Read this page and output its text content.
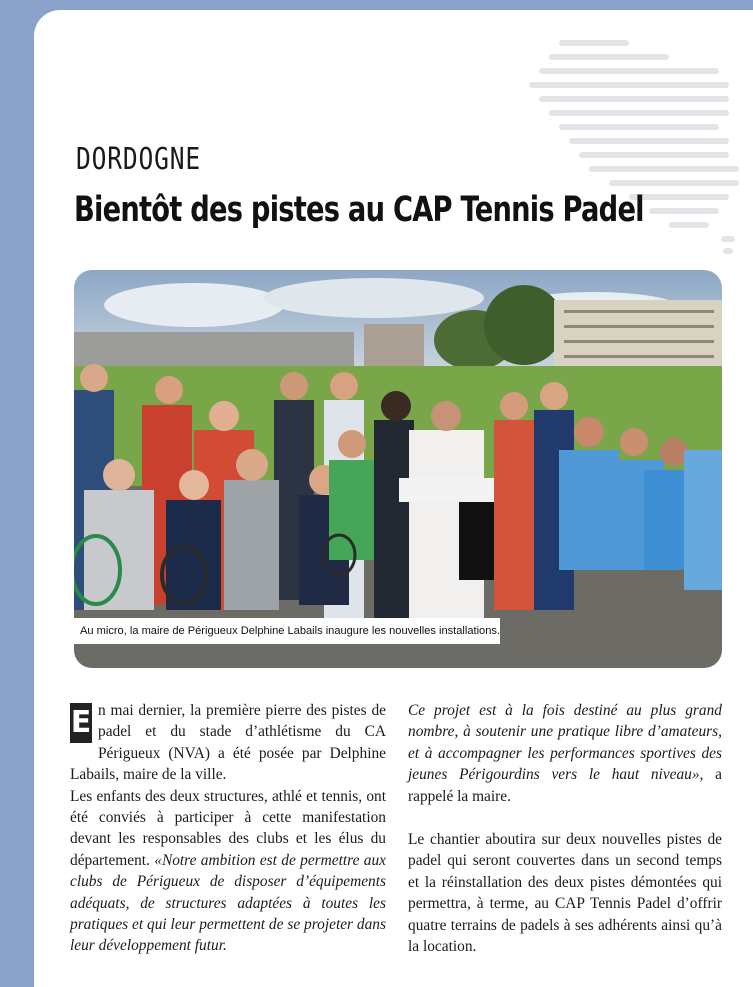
DORDOGNE
Bientôt des pistes au CAP Tennis Padel
Au micro, la maire de Périgueux Delphine Labails inaugure les nouvelles installations.

E n mai dernier, la première pierre des pistes de padel et du stade d’athlétisme du CA Périgueux (NVA) a été posée par Delphine Labails, maire de la ville.

Les enfants des deux structures, athlé et tennis, ont été conviés à participer à cette manifestation devant les responsables des clubs et les élus du département. «Notre ambition est de permettre aux clubs de Périgueux de disposer d’équipements adéquats, de structures adaptées à toutes les pratiques et qui leur permettent de se projeter dans leur développement futur.

Ce projet est à la fois destiné au plus grand nombre, à soutenir une pratique libre d’amateurs, et à accompagner les performances sportives des jeunes Périgourdins vers le haut niveau», a rappelé la maire.

Le chantier aboutira sur deux nouvelles pistes de padel qui seront couvertes dans un second temps et la réinstallation des deux pistes démontées qui permettra, à terme, au CAP Tennis Padel d’offrir quatre terrains de padels à ses adhérents ainsi qu’à la location.
